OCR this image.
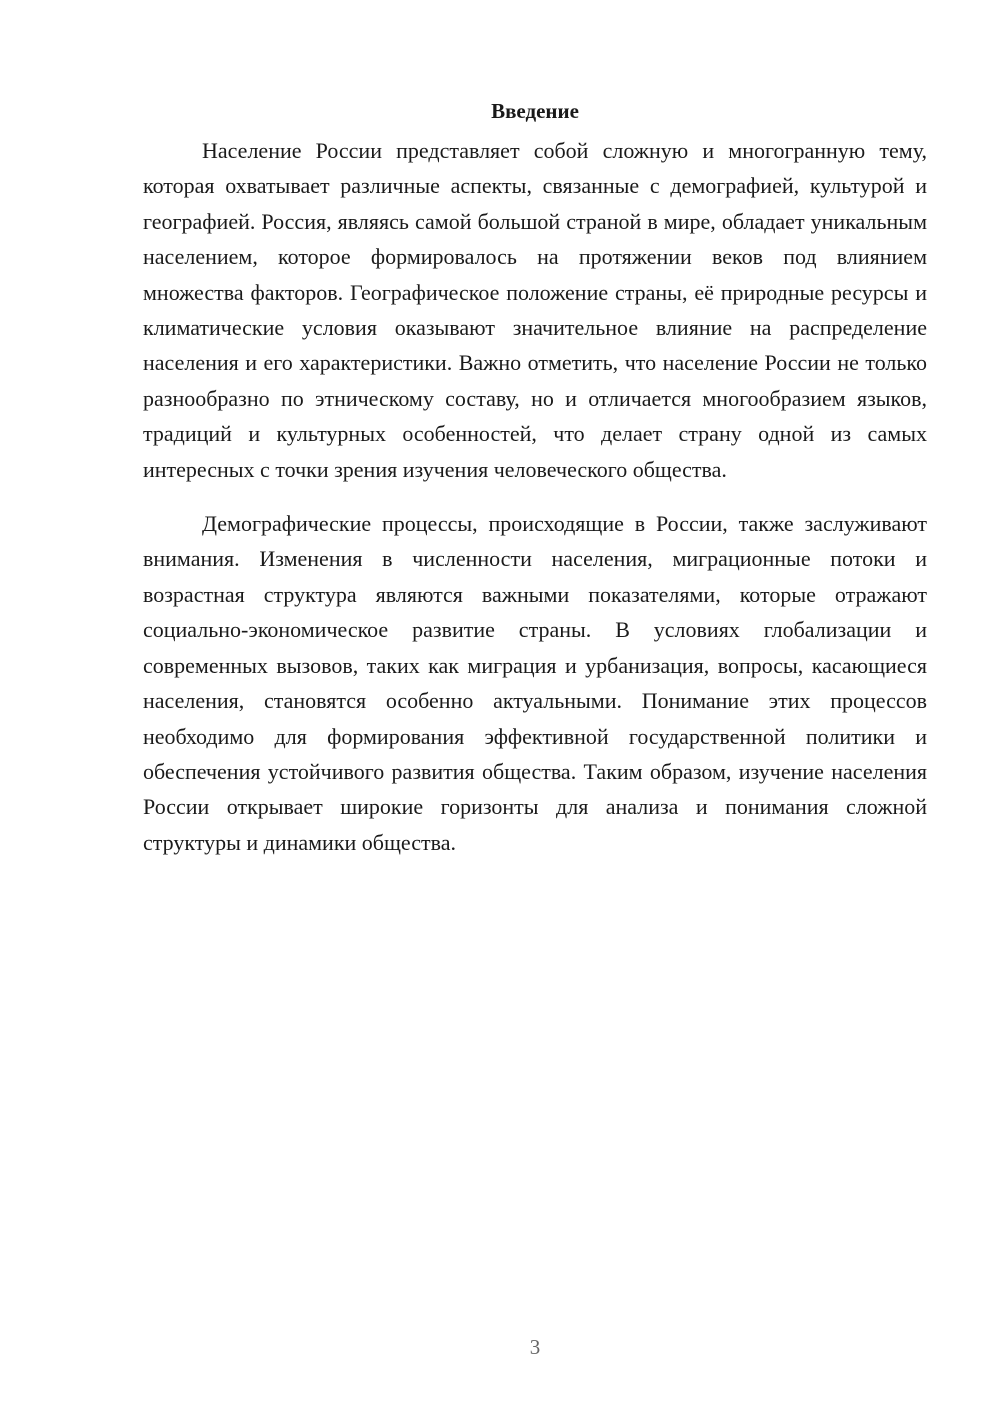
Введение

Население России представляет собой сложную и многогранную тему, которая охватывает различные аспекты, связанные с демографией, культурой и географией. Россия, являясь самой большой страной в мире, обладает уникальным населением, которое формировалось на протяжении веков под влиянием множества факторов. Географическое положение страны, её природные ресурсы и климатические условия оказывают значительное влияние на распределение населения и его характеристики. Важно отметить, что население России не только разнообразно по этническому составу, но и отличается многообразием языков, традиций и культурных особенностей, что делает страну одной из самых интересных с точки зрения изучения человеческого общества.

Демографические процессы, происходящие в России, также заслуживают внимания. Изменения в численности населения, миграционные потоки и возрастная структура являются важными показателями, которые отражают социально-экономическое развитие страны. В условиях глобализации и современных вызовов, таких как миграция и урбанизация, вопросы, касающиеся населения, становятся особенно актуальными. Понимание этих процессов необходимо для формирования эффективной государственной политики и обеспечения устойчивого развития общества. Таким образом, изучение населения России открывает широкие горизонты для анализа и понимания сложной структуры и динамики общества.

3
